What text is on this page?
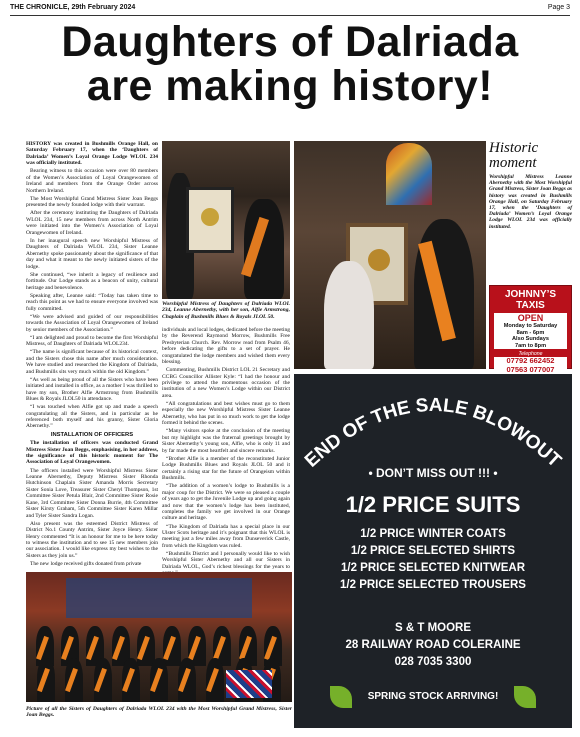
THE CHRONICLE, 29th February 2024	Page 3
Daughters of Dalriada
are making history!

HISTORY was created in Bushmills Orange Hall, on Saturday February 17, when the ‘Daughters of Dalriada’ Women’s Loyal Orange Lodge WLOL 234 was officially instituted.

Bearing witness to this occasion were over 80 members of the Women’s Association of Loyal Orangewomen of Ireland and members from the Orange Order across Northern Ireland.

The Most Worshipful Grand Mistress Sister Joan Beggs presented the newly founded lodge with their warrant.

After the ceremony instituting the Daughters of Dalriada WLOL 234, 15 new members from across North Antrim were initiated into the Women’s Association of Loyal Orangewomen of Ireland.

In her inaugural speech new Worshipful Mistress of Daughters of Dalriada WLOL 234, Sister Leanne Abernethy spoke passionately about the significance of that day and what it meant to the newly initiated sisters of the lodge.

She continued, “we inherit a legacy of resilience and fortitude. Our Lodge stands as a beacon of unity, cultural heritage and benevolence.

Speaking after, Leanne said: “Today has taken time to reach this point as we had to ensure everyone involved was fully committed.

“We were advised and guided of our responsibilities towards the Association of Loyal Orangewomen of Ireland by senior members of the Association.”

“I am delighted and proud to become the first Worshipful Mistress, of Daughters of Dalriada WLOL234.

“The name is significant because of its historical context, and the Sisters chose this name after much consideration. We have studied and researched the Kingdom of Dalriada, and Bushmills sits very much within the old Kingdom.”

“As well as being proud of all the Sisters who have been initiated and installed in office, as a mother I was thrilled to have my son, Brother Alfie Armstrong from Bushmills Blues & Royals JLOL50 in attendance.

“I was touched when Alfie got up and made a speech congratulating all the Sisters, and in particular as he referenced both myself and his granny, Sister Gloria Abernethy.”

INSTALLATION OF OFFICERS

The installation of officers was conducted Grand Mistress Sister Joan Beggs, emphasising, in her address, the significance of this historic moment for The Association of Loyal Orangewomen.

The officers installed were Worshipful Mistress Sister Leanne Abernethy, Deputy Mistress Sister Rhonda Hutchinson Chaplain Sister Amanda Morris Secretary Sister Sonia Love, Treasurer Sister Cheryl Thompson, 1st Committee Sister Petula Blair, 2nd Committee Sister Rosie Kane, 3rd Committee Sister Donna Burrie, 4th Committee Sister Kirsty Graham, 5th Committee Sister Karen Millar and Tyler Sister Sandra Logan.

Also present was the esteemed District Mistress of District No.1 County Antrim, Sister Joyce Henry. Sister Henry commented “It is an honour for me to be here today to witness the institution and to see 15 new members join our association. I would like express my best wishes to the Sisters as they join us.”

The new lodge received gifts donated from private

Worshipful Mistress of Daughters of Dalriada WLOL 234, Leanne Abernethy, with her son, Alfie Armstrong, Chaplain of Bushmills Blues & Royals JLOL 50.

individuals and local lodges, dedicated before the meeting by the Reverend Raymond Morrow, Bushmills Free Presbyterian Church. Rev. Morrow read from Psalm 46, before dedicating the gifts to a set of prayer. He congratulated the lodge members and wished them every blessing.

Commenting, Bushmills District LOL 21 Secretary and CCBG Councillor Allister Kyle: “I had the honour and privilege to attend the momentous occasion of the institution of a new Women’s Lodge within our District area.

“All congratulations and best wishes must go to them especially the new Worshipful Mistress Sister Leanne Abernethy, who has put in so much work to get the lodge formed it behind the scenes.

“Many visitors spoke at the conclusion of the meeting but my highlight was the fraternal greetings brought by Sister Abernethy’s young son, Alfie, who is only 11 and by far made the most heartfelt and sincere remarks.

“Brother Alfie is a member of the reconstituted Junior Lodge Bushmills Blues and Royals JLOL 50 and it certainly a rising star for the future of Orangeism within Bushmills.

“The addition of a women’s lodge to Bushmills is a major coup for the District. We were so pleased a couple of years ago to get the Juvenile Lodge up and going again and now that the women’s lodge has been instituted, completes the family we get involved in our Orange culture and heritage.

“The Kingdom of Dalriada has a special place in our Ulster Scots heritage and it’s poignant that this WLOL is meeting just a few miles away from Dunseverick Castle, from which the Kingdom was ruled.

“Bushmills District and I personally would like to wish Worshipful Sister Abernethy and all our Sisters in Dalriada WLOL, God’s richest blessings for the years to

Historic
moment
Worshipful Mistress Leanne Abernethy with the Most Worshipful Grand Mistress, Sister Joan Beggs as history was created in Bushmills Orange Hall, on Saturday February 17, when the ‘Daughters of Dalriada’ Women’s Loyal Orange Lodge WLOL 234 was officially instituted.
JOHNNY’S TAXIS
OPEN
Monday to Saturday
8am - 6pm
Also Sundays
7am to 8pm
Telephone
07792 662452
07563 077007
END OF THE SALE BLOWOUT
• DON’T MISS OUT !!! •
1/2 PRICE SUITS
1/2 PRICE WINTER COATS
1/2 PRICE SELECTED SHIRTS
1/2 PRICE SELECTED KNITWEAR
1/2 PRICE SELECTED TROUSERS
S & T MOORE
28 RAILWAY ROAD COLERAINE
028 7035 3300
SPRING STOCK ARRIVING!
Picture of all the Sisters of Daughters of Dalriada WLOL 234 with the Most Worshipful Grand Mistress, Sister Joan Beggs.
